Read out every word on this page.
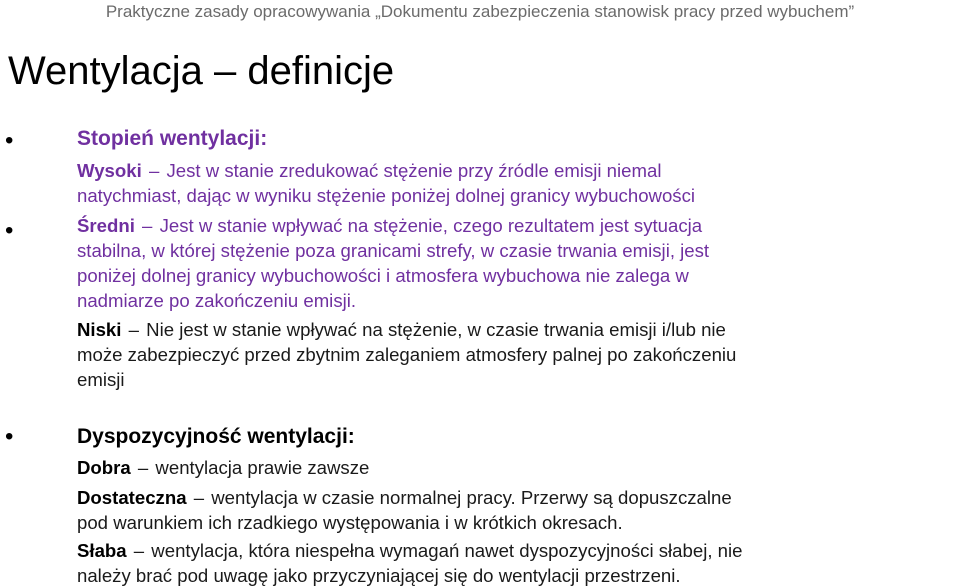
Praktyczne zasady opracowywania „Dokumentu zabezpieczenia stanowisk pracy przed wybuchem”
Wentylacja – definicje
•	Stopień wentylacji:
Wysoki – Jest w stanie zredukować stężenie przy źródle emisji niemal
natychmiast, dając w wyniku stężenie poniżej dolnej granicy wybuchowości
•	Średni – Jest w stanie wpływać na stężenie, czego rezultatem jest sytuacja
stabilna, w której stężenie poza granicami strefy, w czasie trwania emisji, jest
poniżej dolnej granicy wybuchowości i atmosfera wybuchowa nie zalega w
nadmiarze po zakończeniu emisji.
Niski – Nie jest w stanie wpływać na stężenie, w czasie trwania emisji i/lub nie
może zabezpieczyć przed zbytnim zaleganiem atmosfery palnej po zakończeniu
emisji
•	Dyspozycyjność wentylacji:
Dobra – wentylacja prawie zawsze
Dostateczna – wentylacja w czasie normalnej pracy. Przerwy są dopuszczalne
pod warunkiem ich rzadkiego występowania i w krótkich okresach.
Słaba – wentylacja, która niespełna wymagań nawet dyspozycyjności słabej, nie
należy brać pod uwagę jako przyczyniającej się do wentylacji przestrzeni.
